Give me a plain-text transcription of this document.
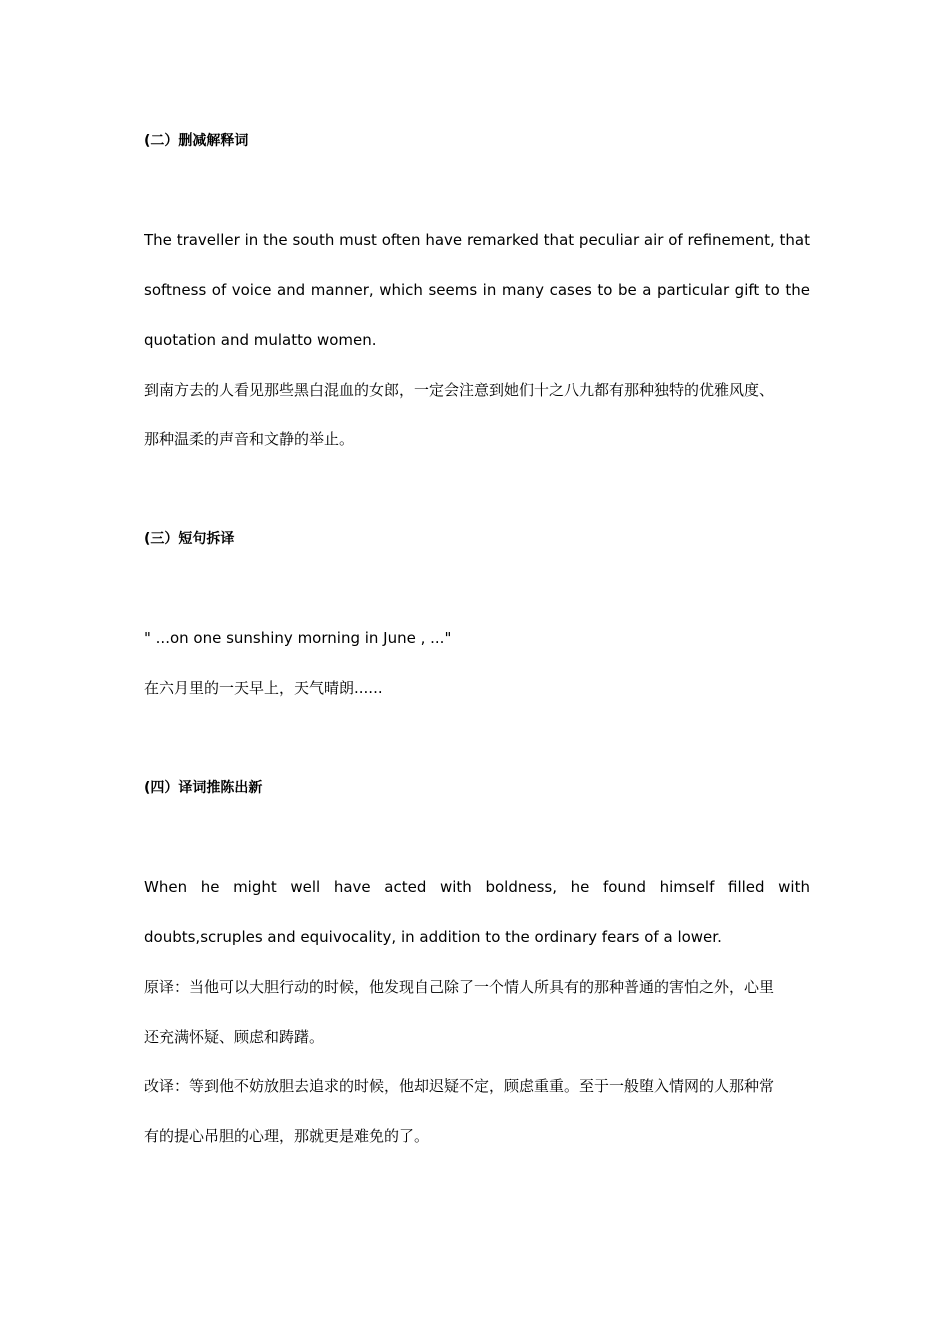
(二）删减解释词
The traveller in the south must often have remarked that peculiar air of refinement, that
softness of voice and manner, which seems in many cases to be a particular gift to the
quotation and mulatto women.
到南方去的人看见那些黑白混血的女郎，一定会注意到她们十之八九都有那种独特的优雅风度、
那种温柔的声音和文静的举止。
(三）短句拆译
" ...on one sunshiny morning in June , ..."
在六月里的一天早上，天气晴朗......
(四）译词推陈出新
When he might well have acted with boldness, he found himself filled with
doubts,scruples and equivocality, in addition to the ordinary fears of a lower.
原译：当他可以大胆行动的时候，他发现自己除了一个情人所具有的那种普通的害怕之外，心里
还充满怀疑、顾虑和踌躇。
改译：等到他不妨放胆去追求的时候，他却迟疑不定，顾虑重重。至于一般堕入情网的人那种常
有的提心吊胆的心理，那就更是难免的了。
